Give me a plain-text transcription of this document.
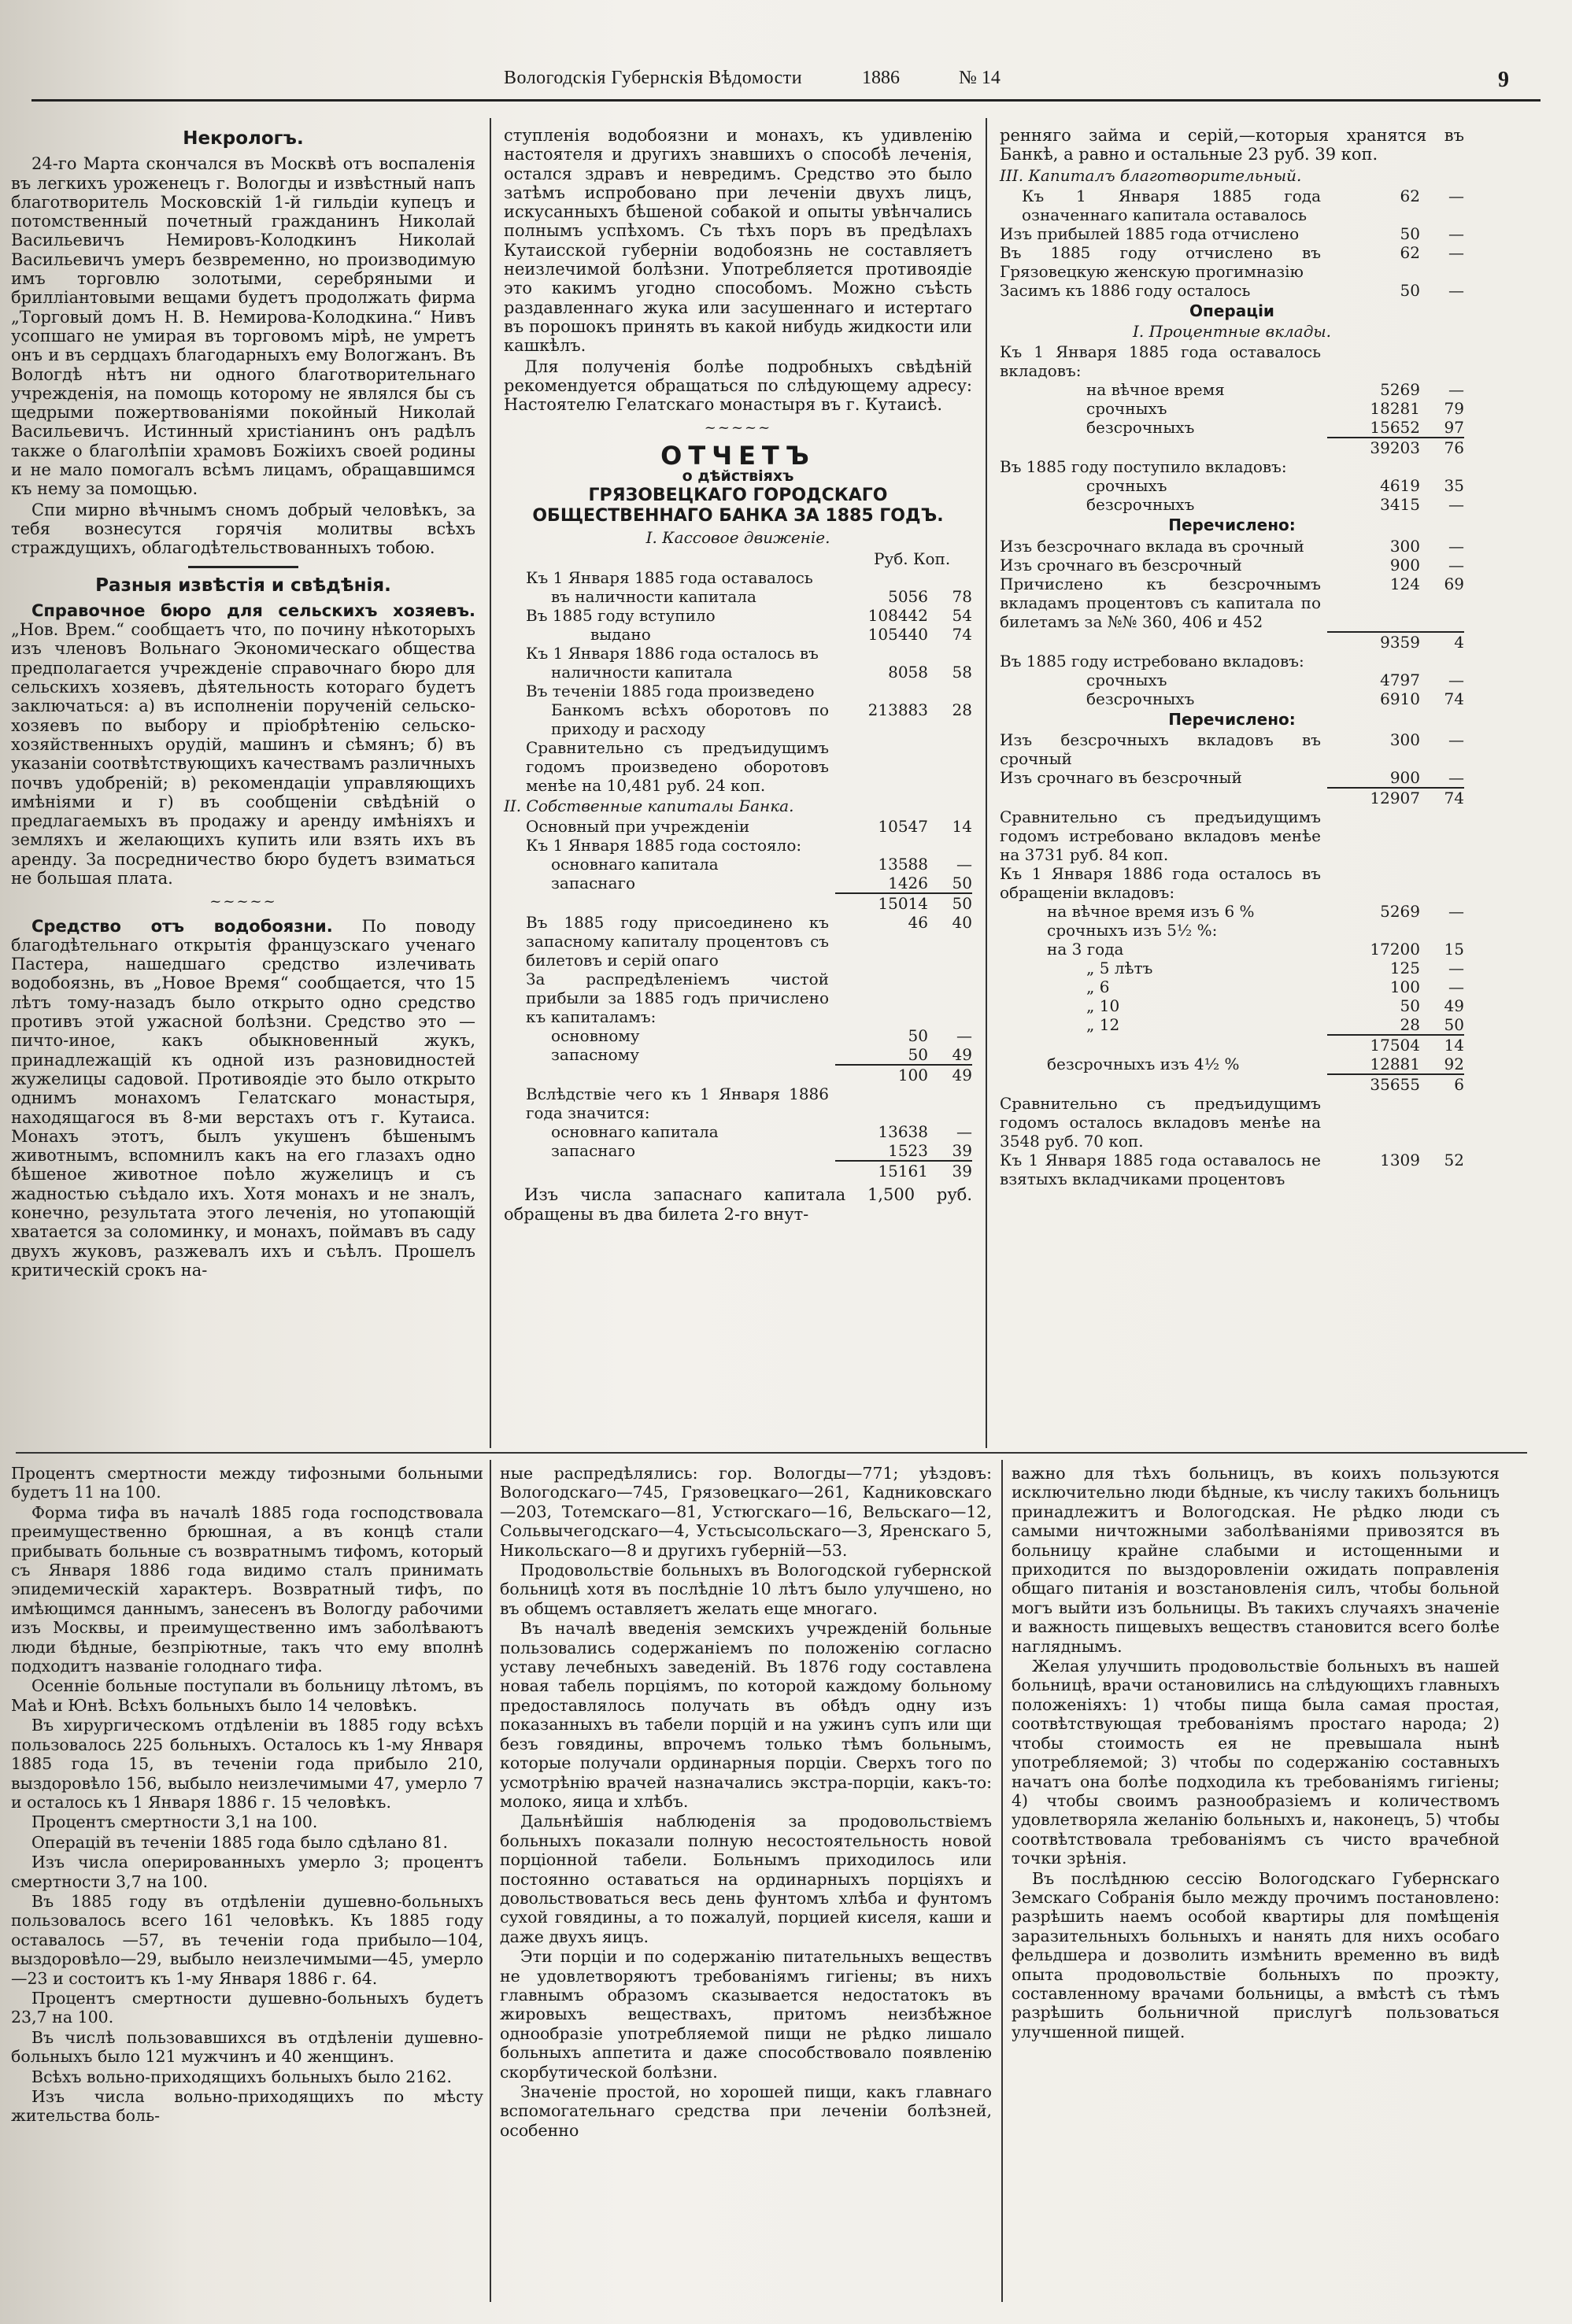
Вологодскія Губернскія Вѣдомости	1886	№ 14	9
Некрологъ.

24-го Марта скончался въ Москвѣ отъ воспаленія въ легкихъ уроженецъ г. Вологды и извѣстный напъ благотворитель Московскій 1-й гильдіи купецъ и потомственный почетный гражданинъ Николай Васильевичъ Немировъ-Колодкинъ Николай Васильевичъ умеръ безвременно, но производимую имъ торговлю золотыми, серебряными и бриллiантовыми вещами будетъ продолжать фирма „Торговый домъ Н. В. Немирова-Колодкина.“ Нивъ усопшаго не умирая въ торговомъ мірѣ, не умретъ онъ и въ сердцахъ благодарныхъ ему Вологжанъ. Въ Вологдѣ нѣтъ ни одного благотворительнаго учрежденія, на помощь которому не являлся бы съ щедрыми пожертвованіями покойный Николай Васильевичъ. Истинный христіанинъ онъ радѣлъ также о благолѣпіи храмовъ Божіихъ своей родины и не мало помогалъ всѣмъ лицамъ, обращавшимся къ нему за помощью.

Спи мирно вѣчнымъ сномъ добрый человѣкъ, за тебя вознесутся горячія молитвы всѣхъ страждущихъ, облагодѣтельствованныхъ тобою.

Разныя извѣстія и свѣдѣнія.

Справочное бюро для сельскихъ хозяевъ. „Нов. Врем.“ сообщаетъ что, по почину нѣкоторыхъ изъ членовъ Вольнаго Экономическаго общества предполагается учрежденіе справочнаго бюро для сельскихъ хозяевъ, дѣятельность котораго будетъ заключаться: а) въ исполненіи порученій сельско-хозяевъ по выбору и пріобрѣтенію сельско-хозяйственныхъ орудій, машинъ и сѣмянъ; б) въ указаніи соотвѣтствующихъ качествамъ различныхъ почвъ удобреній; в) рекомендаціи управляющихъ имѣніями и г) въ сообщеніи свѣдѣній о предлагаемыхъ въ продажу и аренду имѣніяхъ и земляхъ и желающихъ купить или взять ихъ въ аренду. За посредничество бюро будетъ взиматься не большая плата.

~~~~~

Средство отъ водобоязни. По поводу благодѣтельнаго открытія французскаго ученаго Пастера, нашедшаго средство излечивать водобоязнь, въ „Новое Время“ сообщается, что 15 лѣтъ тому-назадъ было открыто одно средство противъ этой ужасной болѣзни. Средство это — пичто-иное, какъ обыкновенный жукъ, принадлежащій къ одной изъ разновидностей жужелицы садовой. Противоядіе это было открыто однимъ монахомъ Гелатскаго монастыря, находящагося въ 8-ми верстахъ отъ г. Кутаиса. Монахъ этотъ, былъ укушенъ бѣшенымъ животнымъ, вспомнилъ какъ на его глазахъ одно бѣшеное животное поѣло жужелицъ и съ жадностью съѣдало ихъ. Хотя монахъ и не зналъ, конечно, результата этого леченія, но утопающій хватается за соломинку, и монахъ, поймавъ въ саду двухъ жуковъ, разжевалъ ихъ и съѣлъ. Прошелъ критическій срокъ на-

ступленія водобоязни и монахъ, къ удивленію настоятеля и другихъ знавшихъ о способѣ леченія, остался здравъ и невредимъ. Средство это было затѣмъ испробовано при леченіи двухъ лицъ, искусанныхъ бѣшеной собакой и опыты увѣнчались полнымъ успѣхомъ. Съ тѣхъ поръ въ предѣлахъ Кутаисской губерніи водобоязнь не составляетъ неизлечимой болѣзни. Употребляется противоядіе это какимъ угодно способомъ. Можно съѣсть раздавленнаго жука или засушеннаго и истертаго въ порошокъ принять въ какой нибудь жидкости или кашкѣлъ.

Для полученія болѣе подробныхъ свѣдѣній рекомендуется обращаться по слѣдующему адресу: Настоятелю Гелатскаго монастыря въ г. Кутаисѣ.

~~~~~
ОТЧЕТЪ
о дѣйствіяхъ
ГРЯЗОВЕЦКАГО ГОРОДСКАГО ОБЩЕСТВЕННАГО БАНКА ЗА 1885 ГОДЪ.
I. Кассовое движеніе.
Руб. Коп.
Къ 1 Января 1885 года оставалось
въ наличности капитала	5056	78
Въ 1885 году вступило	108442	54
выдано	105440	74
Къ 1 Января 1886 года осталось въ
наличности капитала	8058	58
Въ теченіи 1885 года произведено
Банкомъ всѣхъ оборотовъ по приходу и расходу
213883	28
Сравнительно съ предъидущимъ годомъ произведено оборотовъ менѣе на 10,481 руб. 24 коп.
II. Собственные капиталы Банка.
Основный при учрежденіи	10547	14
Къ 1 Января 1885 года состояло:
основнаго капитала	13588	—
запаснаго	1426	50
15014	50
Въ 1885 году присоединено къ запасному капиталу процентовъ съ билетовъ и серій опаго
46	40
За распредѣленіемъ чистой прибыли за 1885 годъ причислено къ капиталамъ:
основному	50	—
запасному	50	49
100	49
Вслѣдствіе чего къ 1 Января 1886 года значится:
основнаго капитала	13638	—
запаснаго	1523	39
15161	39

Изъ числа запаснаго капитала 1,500 руб. обращены въ два билета 2-го внут-

ренняго займа и серій,—которыя хранятся въ Банкѣ, а равно и остальные 23 руб. 39 коп.

III. Капиталъ благотворительный.
Къ 1 Января 1885 года означеннаго капитала оставалось
62	—
Изъ прибылей 1885 года отчислено	50	—
Въ 1885 году отчислено въ Грязовецкую женскую прогимназію
62	—
Засимъ къ 1886 году осталось	50	—
Операціи
I. Процентные вклады.
Къ 1 Января 1885 года оставалось вкладовъ:
на вѣчное время	5269	—
срочныхъ	18281	79
безсрочныхъ	15652	97
39203	76
Въ 1885 году поступило вкладовъ:
срочныхъ	4619	35
безсрочныхъ	3415	—
Перечислено:
Изъ безсрочнаго вклада въ срочный	300	—
Изъ срочнаго въ безсрочный	900	—
Причислено къ безсрочнымъ вкладамъ процентовъ съ капитала по билетамъ за №№ 360, 406 и 452
124	69
9359	4
Въ 1885 году истребовано вкладовъ:
срочныхъ	4797	—
безсрочныхъ	6910	74
Перечислено:
Изъ безсрочныхъ вкладовъ въ срочный
300	—
Изъ срочнаго въ безсрочный	900	—
12907	74
Сравнительно съ предъидущимъ годомъ истребовано вкладовъ менѣе на 3731 руб. 84 коп.
Къ 1 Января 1886 года осталось въ обращеніи вкладовъ:
на вѣчное время изъ 6 %	5269	—
срочныхъ изъ 5½ %:
на 3 года	17200	15
„ 5 лѣтъ	125	—
„ 6	100	—
„ 10	50	49
„ 12	28	50
17504	14
безсрочныхъ изъ 4½ %	12881	92
35655	6
Сравнительно съ предъидущимъ годомъ осталось вкладовъ менѣе на 3548 руб. 70 коп.
Къ 1 Января 1885 года оставалось не взятыхъ вкладчиками процентовъ
1309	52

Процентъ смертности между тифозными больными будетъ 11 на 100.

Форма тифа въ началѣ 1885 года господствовала преимущественно брюшная, а въ концѣ стали прибывать больные съ возвратнымъ тифомъ, который съ Января 1886 года видимо сталъ принимать эпидемическій характеръ. Возвратный тифъ, по имѣющимся даннымъ, занесенъ въ Вологду рабочими изъ Москвы, и преимущественно имъ заболѣваютъ люди бѣдные, безпріютные, такъ что ему вполнѣ подходитъ названіе голоднаго тифа.

Осенніе больные поступали въ больницу лѣтомъ, въ Маѣ и Юнѣ. Всѣхъ больныхъ было 14 человѣкъ.

Въ хирургическомъ отдѣленіи въ 1885 году всѣхъ пользовалось 225 больныхъ. Осталось къ 1-му Января 1885 года 15, въ теченіи года прибыло 210, выздоровѣло 156, выбыло неизлечимыми 47, умерло 7 и осталось къ 1 Января 1886 г. 15 человѣкъ.

Процентъ смертности 3,1 на 100.

Операцій въ теченіи 1885 года было сдѣлано 81.

Изъ числа оперированныхъ умерло 3; процентъ смертности 3,7 на 100.

Въ 1885 году въ отдѣленіи душевно-больныхъ пользовалось всего 161 человѣкъ. Къ 1885 году оставалось —57, въ теченіи года прибыло—104, выздоровѣло—29, выбыло неизлечимыми—45, умерло—23 и состоитъ къ 1-му Января 1886 г. 64.

Процентъ смертности душевно-больныхъ будетъ 23,7 на 100.

Въ числѣ пользовавшихся въ отдѣленіи душевно-больныхъ было 121 мужчинъ и 40 женщинъ.

Всѣхъ вольно-приходящихъ больныхъ было 2162.

Изъ числа вольно-приходящихъ по мѣсту жительства боль-

ные распредѣлялись: гор. Вологды—771; уѣздовъ: Вологодскаго—745, Грязовецкаго—261, Кадниковскаго—203, Тотемскаго—81, Устюгскаго—16, Вельскаго—12, Сольвычегодскаго—4, Устьсысольскаго—3, Яренскаго 5, Никольскаго—8 и другихъ губерній—53.

Продовольствіе больныхъ въ Вологодской губернской больницѣ хотя въ послѣдніе 10 лѣтъ было улучшено, но въ общемъ оставляетъ желать еще многаго.

Въ началѣ введенія земскихъ учрежденій больные пользовались содержаніемъ по положенію согласно уставу лечебныхъ заведеній. Въ 1876 году составлена новая табель порціямъ, по которой каждому больному предоставлялось получать въ обѣдъ одну изъ показанныхъ въ табели порцій и на ужинъ супъ или щи безъ говядины, впрочемъ только тѣмъ больнымъ, которые получали ординарныя порціи. Сверхъ того по усмотрѣнію врачей назначались экстра-порціи, какъ-то: молоко, яица и хлѣбъ.

Дальнѣйшія наблюденія за продовольствіемъ больныхъ показали полную несостоятельность новой порціонной табели. Больнымъ приходилось или постоянно оставаться на ординарныхъ порціяхъ и довольствоваться весь день фунтомъ хлѣба и фунтомъ сухой говядины, а то пожалуй, порцией киселя, каши и даже двухъ яицъ.

Эти порціи и по содержанію питательныхъ веществъ не удовлетворяютъ требованіямъ гигіены; въ нихъ главнымъ образомъ сказывается недостатокъ въ жировыхъ веществахъ, притомъ неизбѣжное однообразіе употребляемой пищи не рѣдко лишало больныхъ аппетита и даже способствовало появленію скорбутической болѣзни.

Значеніе простой, но хорошей пищи, какъ главнаго вспомогательнаго средства при леченіи болѣзней, особенно

важно для тѣхъ больницъ, въ коихъ пользуются исключительно люди бѣдные, къ числу такихъ больницъ принадлежитъ и Вологодская. Не рѣдко люди съ самыми ничтожными заболѣваніями привозятся въ больницу крайне слабыми и истощенными и приходится по выздоровленіи ожидать поправленія общаго питанія и возстановленія силъ, чтобы больной могъ выйти изъ больницы. Въ такихъ случаяхъ значеніе и важность пищевыхъ веществъ становится всего болѣе нагляднымъ.

Желая улучшить продовольствіе больныхъ въ нашей больницѣ, врачи остановились на слѣдующихъ главныхъ положеніяхъ: 1) чтобы пища была самая простая, соотвѣтствующая требованіямъ простаго народа; 2) чтобы стоимость ея не превышала нынѣ употребляемой; 3) чтобы по содержанію составныхъ начатъ она болѣе подходила къ требованіямъ гигіены; 4) чтобы своимъ разнообразіемъ и количествомъ удовлетворяла желанію больныхъ и, наконецъ, 5) чтобы соотвѣтствовала требованіямъ съ чисто врачебной точки зрѣнія.

Въ послѣднюю сессію Вологодскаго Губернскаго Земскаго Собранія было между прочимъ постановлено: разрѣшить наемъ особой квартиры для помѣщенія заразительныхъ больныхъ и нанять для нихъ особаго фельдшера и дозволить измѣнить временно въ видѣ опыта продовольствіе больныхъ по проэкту, составленному врачами больницы, а вмѣстѣ съ тѣмъ разрѣшить больничной прислугѣ пользоваться улучшенной пищей.
